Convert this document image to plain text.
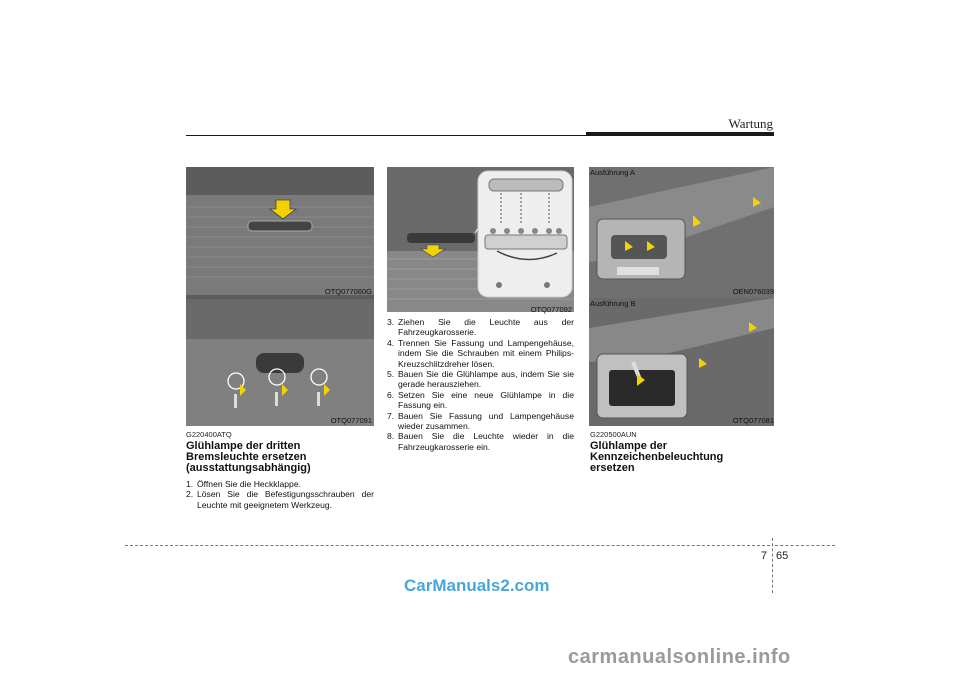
Wartung
OTQ077060G
OTQ077091
OTQ077092
Ausführung A
OEN076039
Ausführung B
OTQ077081
G220400ATQ
Glühlampe der dritten Bremsleuchte ersetzen (ausstattungsabhängig)
1. Öffnen Sie die Heckklappe.
2. Lösen Sie die Befestigungsschrauben der Leuchte mit geeignetem Werkzeug.
3. Ziehen Sie die Leuchte aus der Fahrzeugkarosserie.
4. Trennen Sie Fassung und Lampengehäuse, indem Sie die Schrauben mit einem Philips-Kreuzschlitzdreher lösen.
5. Bauen Sie die Glühlampe aus, indem Sie sie gerade herausziehen.
6. Setzen Sie eine neue Glühlampe in die Fassung ein.
7. Bauen Sie Fassung und Lampengehäuse wieder zusammen.
8. Bauen Sie die Leuchte wieder in die Fahrzeugkarosserie ein.
G220500AUN
Glühlampe der Kennzeichenbeleuchtung ersetzen
7 65
CarManuals2.com
carmanualsonline.info
